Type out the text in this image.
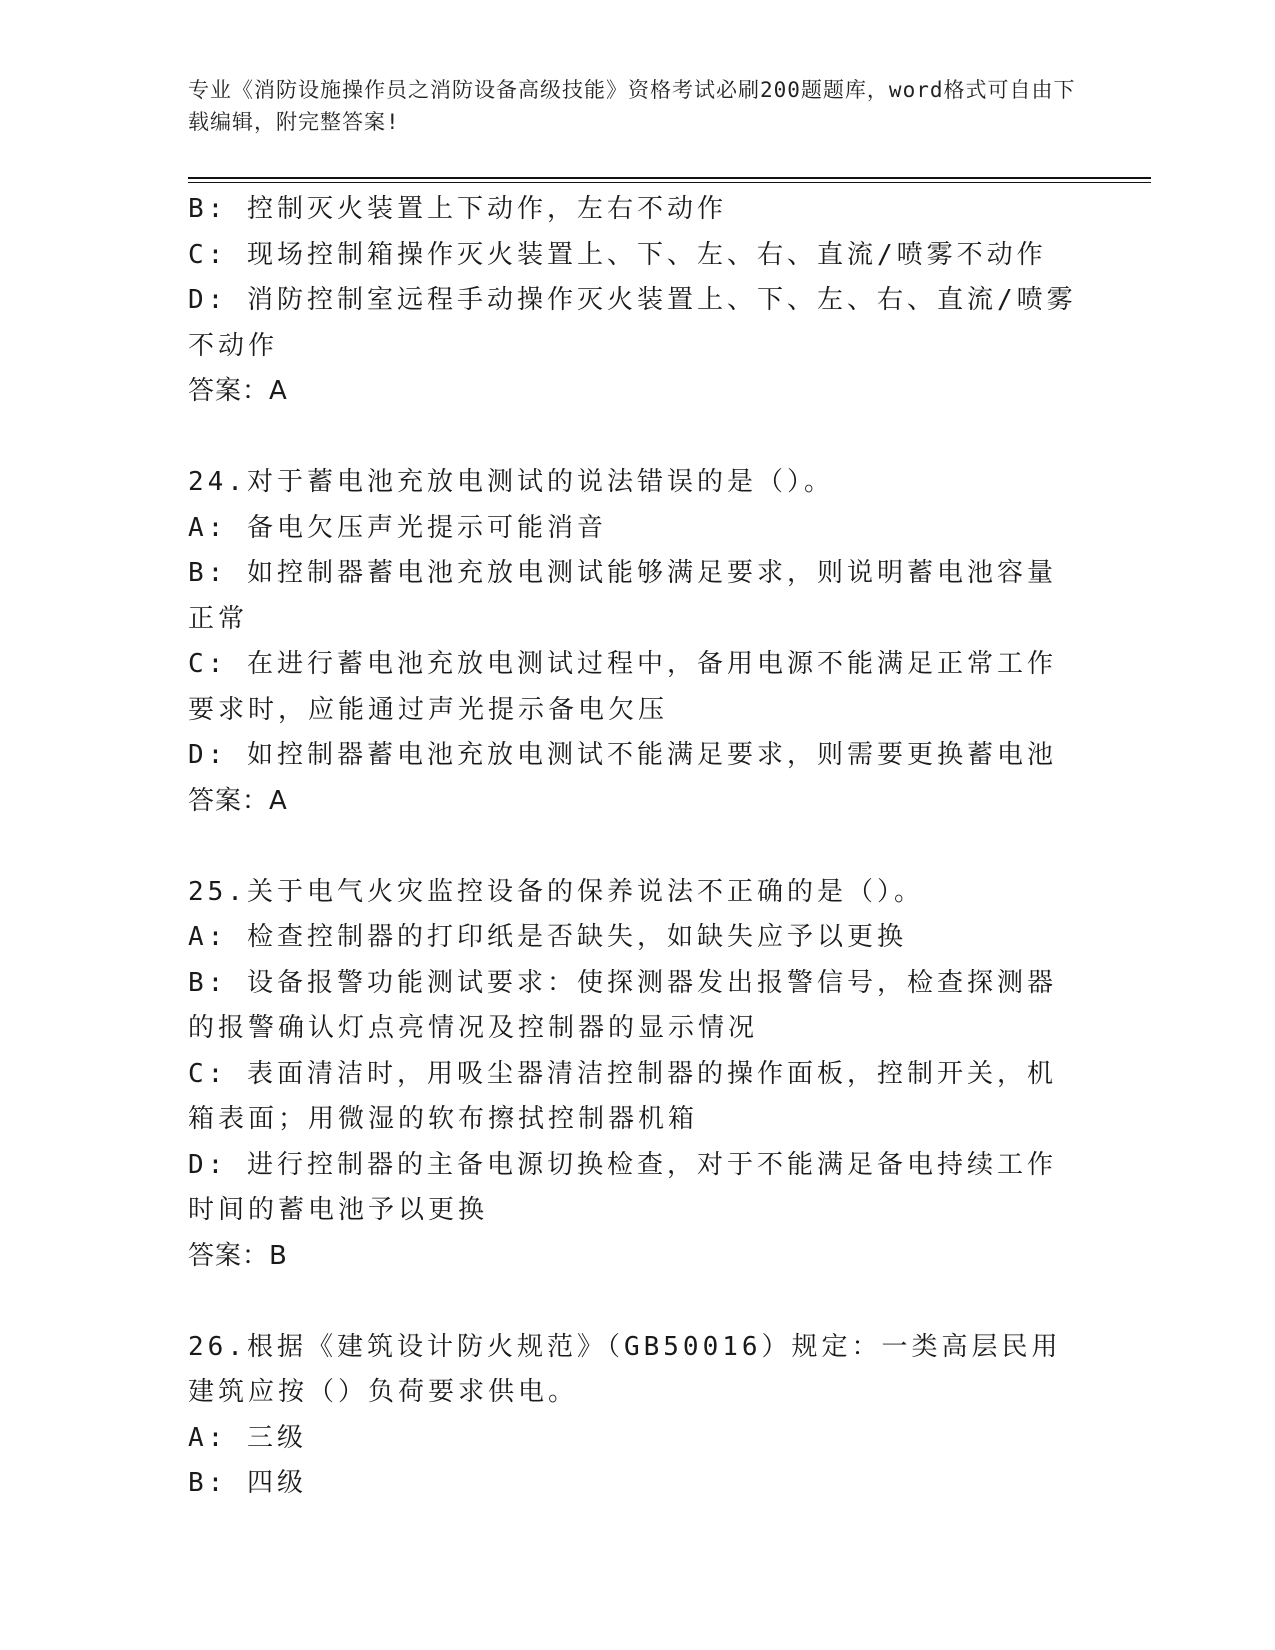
专业《消防设施操作员之消防设备高级技能》资格考试必刷200题题库，word格式可自由下载编辑，附完整答案!
B: 控制灭火装置上下动作，左右不动作
C: 现场控制箱操作灭火装置上、下、左、右、直流/喷雾不动作
D: 消防控制室远程手动操作灭火装置上、下、左、右、直流/喷雾不动作
答案：A
24.对于蓄电池充放电测试的说法错误的是（）。
A: 备电欠压声光提示可能消音
B: 如控制器蓄电池充放电测试能够满足要求，则说明蓄电池容量正常
C: 在进行蓄电池充放电测试过程中，备用电源不能满足正常工作要求时，应能通过声光提示备电欠压
D: 如控制器蓄电池充放电测试不能满足要求，则需要更换蓄电池
答案：A
25.关于电气火灾监控设备的保养说法不正确的是（）。
A: 检查控制器的打印纸是否缺失，如缺失应予以更换
B: 设备报警功能测试要求：使探测器发出报警信号，检查探测器的报警确认灯点亮情况及控制器的显示情况
C: 表面清洁时，用吸尘器清洁控制器的操作面板，控制开关，机箱表面；用微湿的软布擦拭控制器机箱
D: 进行控制器的主备电源切换检查，对于不能满足备电持续工作时间的蓄电池予以更换
答案：B
26.根据《建筑设计防火规范》（GB50016）规定：一类高层民用建筑应按（）负荷要求供电。
A: 三级
B: 四级
